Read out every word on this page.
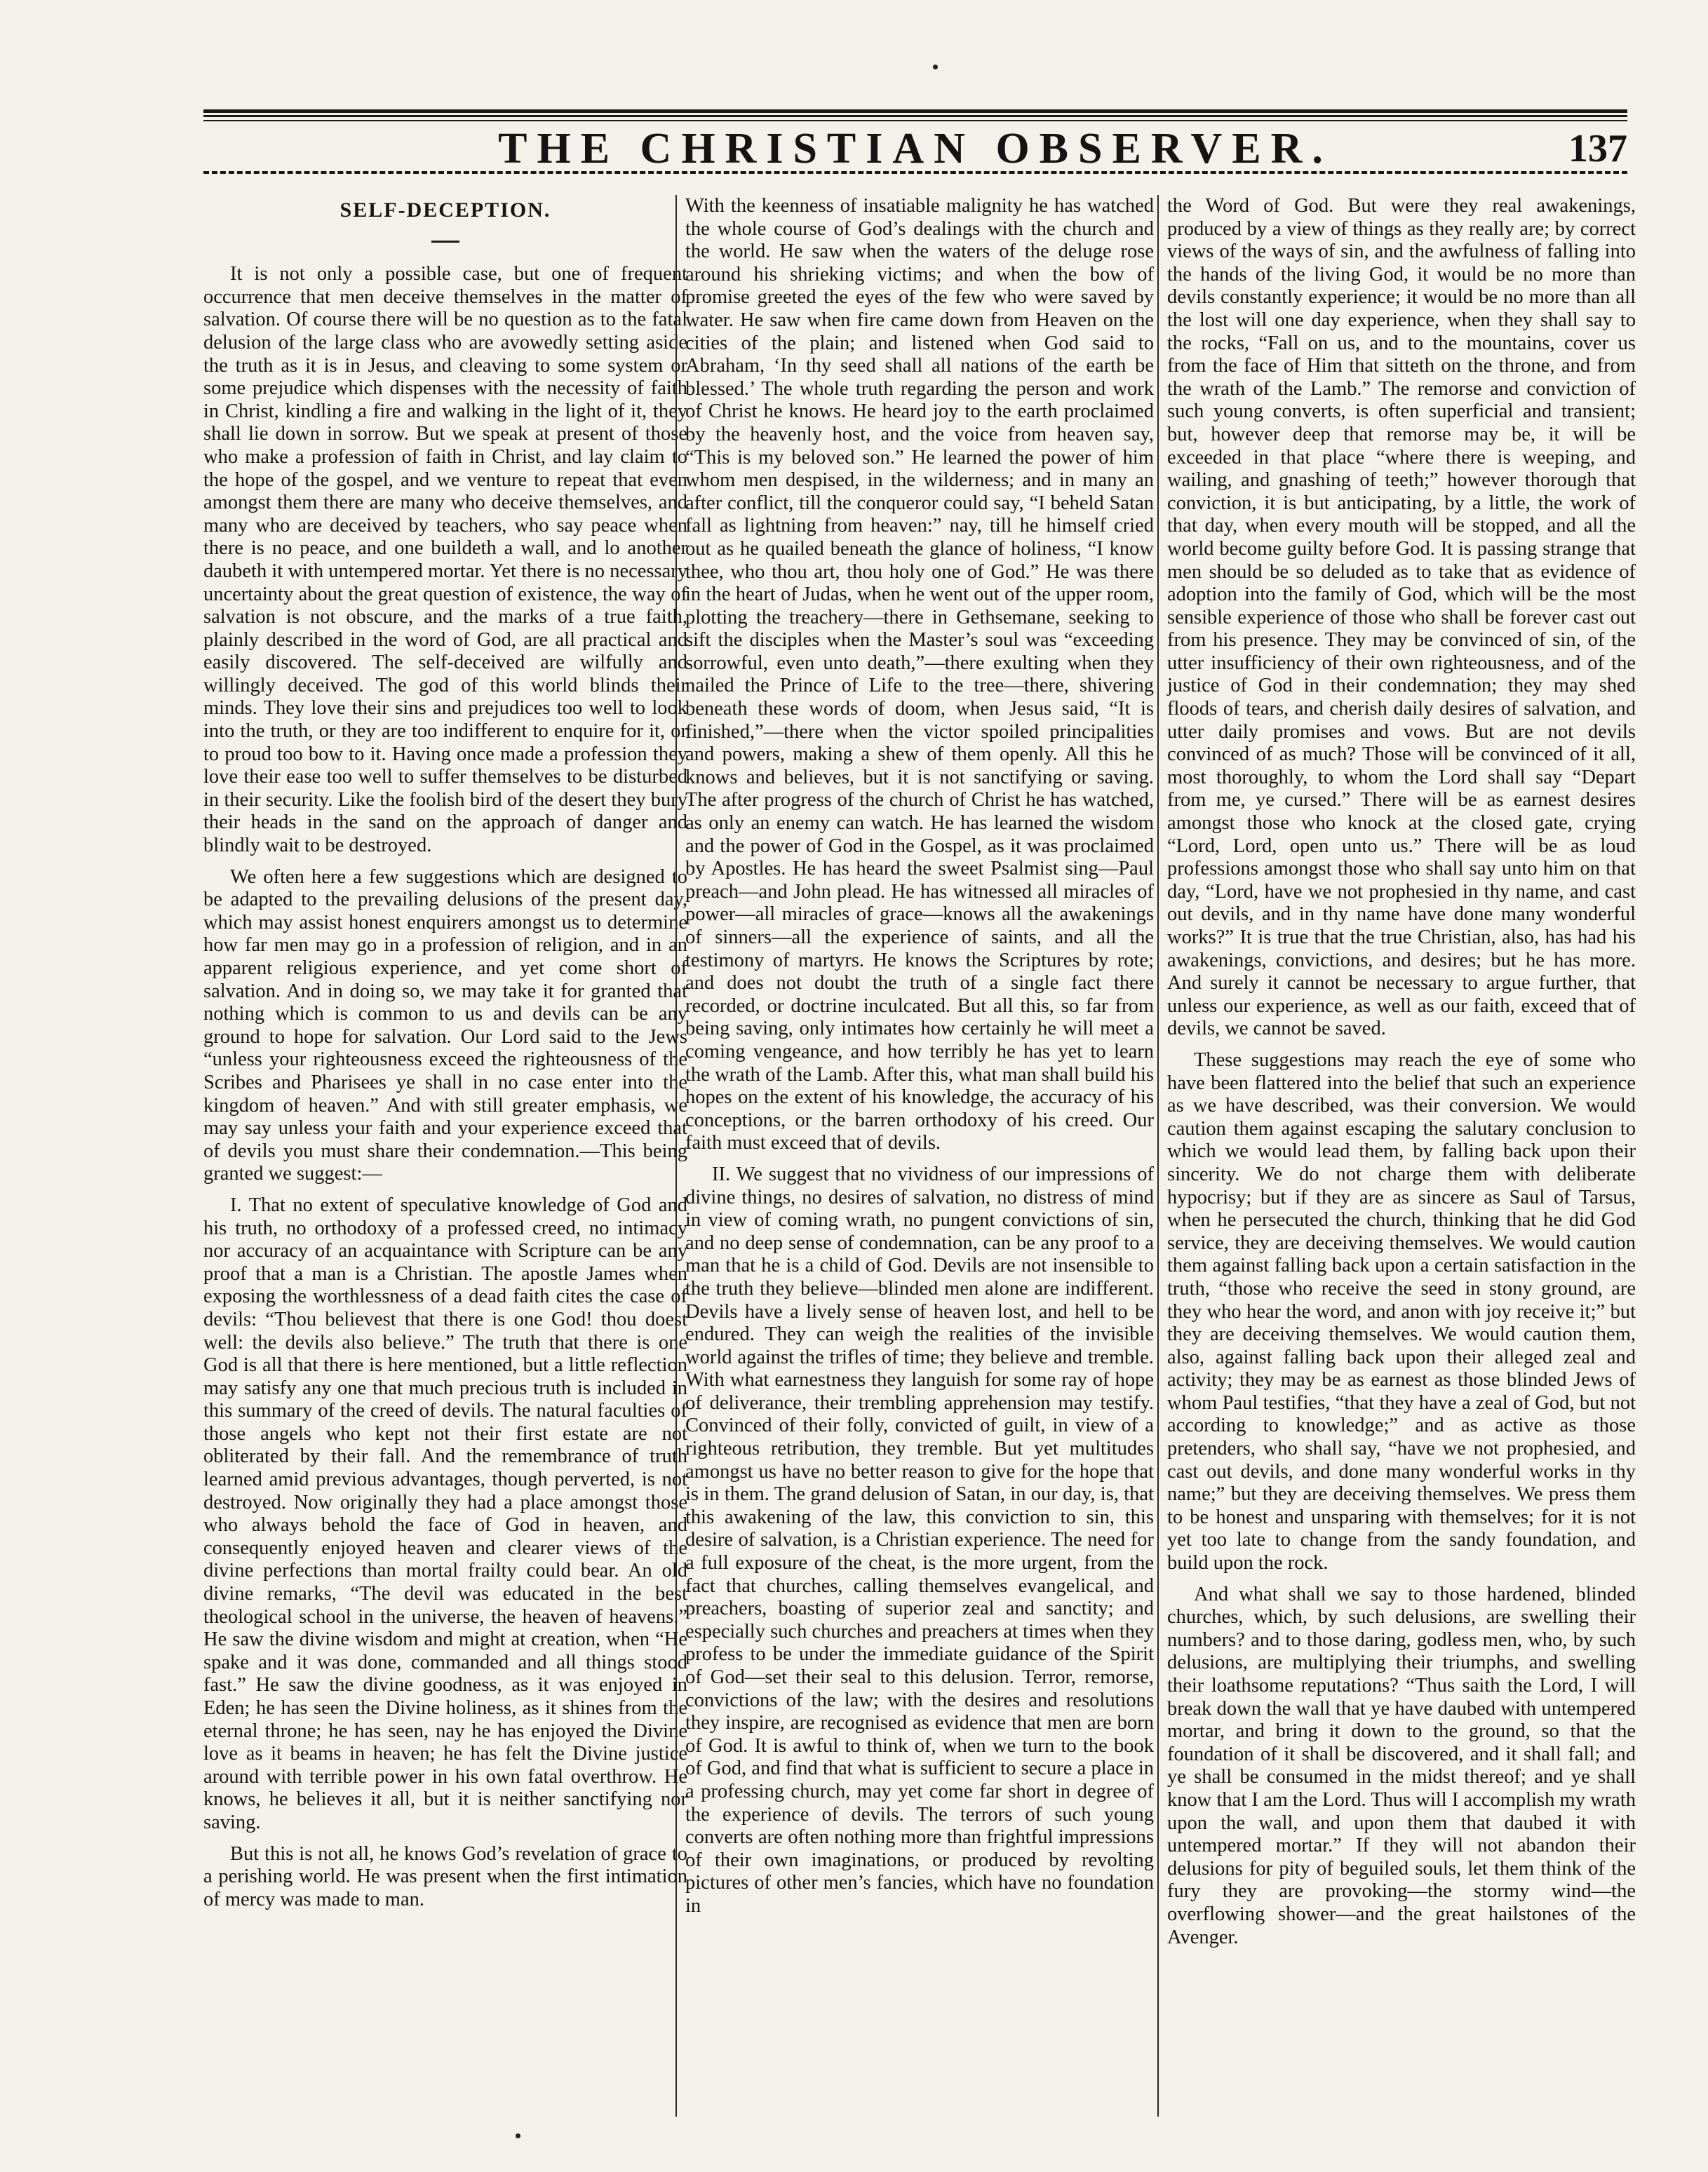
THE CHRISTIAN OBSERVER.	137
SELF-DECEPTION.

It is not only a possible case, but one of frequent occurrence that men deceive themselves in the matter of salvation. Of course there will be no question as to the fatal delusion of the large class who are avowedly setting aside the truth as it is in Jesus, and cleaving to some system or some prejudice which dispenses with the necessity of faith in Christ, kindling a fire and walking in the light of it, they shall lie down in sorrow. But we speak at present of those who make a profession of faith in Christ, and lay claim to the hope of the gospel, and we venture to repeat that even amongst them there are many who deceive themselves, and many who are deceived by teachers, who say peace when there is no peace, and one buildeth a wall, and lo another daubeth it with untempered mortar. Yet there is no necessary uncertainty about the great question of existence, the way of salvation is not obscure, and the marks of a true faith, plainly described in the word of God, are all practical and easily discovered. The self-deceived are wilfully and willingly deceived. The god of this world blinds their minds. They love their sins and prejudices too well to look into the truth, or they are too indifferent to enquire for it, or to proud too bow to it. Having once made a profession they love their ease too well to suffer themselves to be disturbed in their security. Like the foolish bird of the desert they bury their heads in the sand on the approach of danger and blindly wait to be destroyed.

We often here a few suggestions which are designed to be adapted to the prevailing delusions of the present day, which may assist honest enquirers amongst us to determine how far men may go in a profession of religion, and in an apparent religious experience, and yet come short of salvation. And in doing so, we may take it for granted that nothing which is common to us and devils can be any ground to hope for salvation. Our Lord said to the Jews “unless your righteousness exceed the righteousness of the Scribes and Pharisees ye shall in no case enter into the kingdom of heaven.” And with still greater emphasis, we may say unless your faith and your experience exceed that of devils you must share their condemnation.—This being granted we suggest:—

I. That no extent of speculative knowledge of God and his truth, no orthodoxy of a professed creed, no intimacy nor accuracy of an acquaintance with Scripture can be any proof that a man is a Christian. The apostle James when exposing the worthlessness of a dead faith cites the case of devils: “Thou believest that there is one God! thou doest well: the devils also believe.” The truth that there is one God is all that there is here mentioned, but a little reflection may satisfy any one that much precious truth is included in this summary of the creed of devils. The natural faculties of those angels who kept not their first estate are not obliterated by their fall. And the remembrance of truth learned amid previous advantages, though perverted, is not destroyed. Now originally they had a place amongst those who always behold the face of God in heaven, and consequently enjoyed heaven and clearer views of the divine perfections than mortal frailty could bear. An old divine remarks, “The devil was educated in the best theological school in the universe, the heaven of heavens.” He saw the divine wisdom and might at creation, when “He spake and it was done, commanded and all things stood fast.” He saw the divine goodness, as it was enjoyed in Eden; he has seen the Divine holiness, as it shines from the eternal throne; he has seen, nay he has enjoyed the Divine love as it beams in heaven; he has felt the Divine justice around with terrible power in his own fatal overthrow. He knows, he believes it all, but it is neither sanctifying nor saving.

But this is not all, he knows God’s revelation of grace to a perishing world. He was present when the first intimation of mercy was made to man.

With the keenness of insatiable malignity he has watched the whole course of God’s dealings with the church and the world. He saw when the waters of the deluge rose around his shrieking victims; and when the bow of promise greeted the eyes of the few who were saved by water. He saw when fire came down from Heaven on the cities of the plain; and listened when God said to Abraham, ‘In thy seed shall all nations of the earth be blessed.’ The whole truth regarding the person and work of Christ he knows. He heard joy to the earth proclaimed by the heavenly host, and the voice from heaven say, “This is my beloved son.” He learned the power of him whom men despised, in the wilderness; and in many an after conflict, till the conqueror could say, “I beheld Satan fall as lightning from heaven:” nay, till he himself cried out as he quailed beneath the glance of holiness, “I know thee, who thou art, thou holy one of God.” He was there in the heart of Judas, when he went out of the upper room, plotting the treachery—there in Gethsemane, seeking to sift the disciples when the Master’s soul was “exceeding sorrowful, even unto death,”—there exulting when they nailed the Prince of Life to the tree—there, shivering beneath these words of doom, when Jesus said, “It is finished,”—there when the victor spoiled principalities and powers, making a shew of them openly. All this he knows and believes, but it is not sanctifying or saving. The after progress of the church of Christ he has watched, as only an enemy can watch. He has learned the wisdom and the power of God in the Gospel, as it was proclaimed by Apostles. He has heard the sweet Psalmist sing—Paul preach—and John plead. He has witnessed all miracles of power—all miracles of grace—knows all the awakenings of sinners—all the experience of saints, and all the testimony of martyrs. He knows the Scriptures by rote; and does not doubt the truth of a single fact there recorded, or doctrine inculcated. But all this, so far from being saving, only intimates how certainly he will meet a coming vengeance, and how terribly he has yet to learn the wrath of the Lamb. After this, what man shall build his hopes on the extent of his knowledge, the accuracy of his conceptions, or the barren orthodoxy of his creed. Our faith must exceed that of devils.

II. We suggest that no vividness of our impressions of divine things, no desires of salvation, no distress of mind in view of coming wrath, no pungent convictions of sin, and no deep sense of condemnation, can be any proof to a man that he is a child of God. Devils are not insensible to the truth they believe—blinded men alone are indifferent. Devils have a lively sense of heaven lost, and hell to be endured. They can weigh the realities of the invisible world against the trifles of time; they believe and tremble. With what earnestness they languish for some ray of hope of deliverance, their trembling apprehension may testify. Convinced of their folly, convicted of guilt, in view of a righteous retribution, they tremble. But yet multitudes amongst us have no better reason to give for the hope that is in them. The grand delusion of Satan, in our day, is, that this awakening of the law, this conviction to sin, this desire of salvation, is a Christian experience. The need for a full exposure of the cheat, is the more urgent, from the fact that churches, calling themselves evangelical, and preachers, boasting of superior zeal and sanctity; and especially such churches and preachers at times when they profess to be under the immediate guidance of the Spirit of God—set their seal to this delusion. Terror, remorse, convictions of the law; with the desires and resolutions they inspire, are recognised as evidence that men are born of God. It is awful to think of, when we turn to the book of God, and find that what is sufficient to secure a place in a professing church, may yet come far short in degree of the experience of devils. The terrors of such young converts are often nothing more than frightful impressions of their own imaginations, or produced by revolting pictures of other men’s fancies, which have no foundation in

the Word of God. But were they real awakenings, produced by a view of things as they really are; by correct views of the ways of sin, and the awfulness of falling into the hands of the living God, it would be no more than devils constantly experience; it would be no more than all the lost will one day experience, when they shall say to the rocks, “Fall on us, and to the mountains, cover us from the face of Him that sitteth on the throne, and from the wrath of the Lamb.” The remorse and conviction of such young converts, is often superficial and transient; but, however deep that remorse may be, it will be exceeded in that place “where there is weeping, and wailing, and gnashing of teeth;” however thorough that conviction, it is but anticipating, by a little, the work of that day, when every mouth will be stopped, and all the world become guilty before God. It is passing strange that men should be so deluded as to take that as evidence of adoption into the family of God, which will be the most sensible experience of those who shall be forever cast out from his presence. They may be convinced of sin, of the utter insufficiency of their own righteousness, and of the justice of God in their condemnation; they may shed floods of tears, and cherish daily desires of salvation, and utter daily promises and vows. But are not devils convinced of as much? Those will be convinced of it all, most thoroughly, to whom the Lord shall say “Depart from me, ye cursed.” There will be as earnest desires amongst those who knock at the closed gate, crying “Lord, Lord, open unto us.” There will be as loud professions amongst those who shall say unto him on that day, “Lord, have we not prophesied in thy name, and cast out devils, and in thy name have done many wonderful works?” It is true that the true Christian, also, has had his awakenings, convictions, and desires; but he has more. And surely it cannot be necessary to argue further, that unless our experience, as well as our faith, exceed that of devils, we cannot be saved.

These suggestions may reach the eye of some who have been flattered into the belief that such an experience as we have described, was their conversion. We would caution them against escaping the salutary conclusion to which we would lead them, by falling back upon their sincerity. We do not charge them with deliberate hypocrisy; but if they are as sincere as Saul of Tarsus, when he persecuted the church, thinking that he did God service, they are deceiving themselves. We would caution them against falling back upon a certain satisfaction in the truth, “those who receive the seed in stony ground, are they who hear the word, and anon with joy receive it;” but they are deceiving themselves. We would caution them, also, against falling back upon their alleged zeal and activity; they may be as earnest as those blinded Jews of whom Paul testifies, “that they have a zeal of God, but not according to knowledge;” and as active as those pretenders, who shall say, “have we not prophesied, and cast out devils, and done many wonderful works in thy name;” but they are deceiving themselves. We press them to be honest and unsparing with themselves; for it is not yet too late to change from the sandy foundation, and build upon the rock.

And what shall we say to those hardened, blinded churches, which, by such delusions, are swelling their numbers? and to those daring, godless men, who, by such delusions, are multiplying their triumphs, and swelling their loathsome reputations? “Thus saith the Lord, I will break down the wall that ye have daubed with untempered mortar, and bring it down to the ground, so that the foundation of it shall be discovered, and it shall fall; and ye shall be consumed in the midst thereof; and ye shall know that I am the Lord. Thus will I accomplish my wrath upon the wall, and upon them that daubed it with untempered mortar.” If they will not abandon their delusions for pity of beguiled souls, let them think of the fury they are provoking—the stormy wind—the overflowing shower—and the great hailstones of the Avenger.
